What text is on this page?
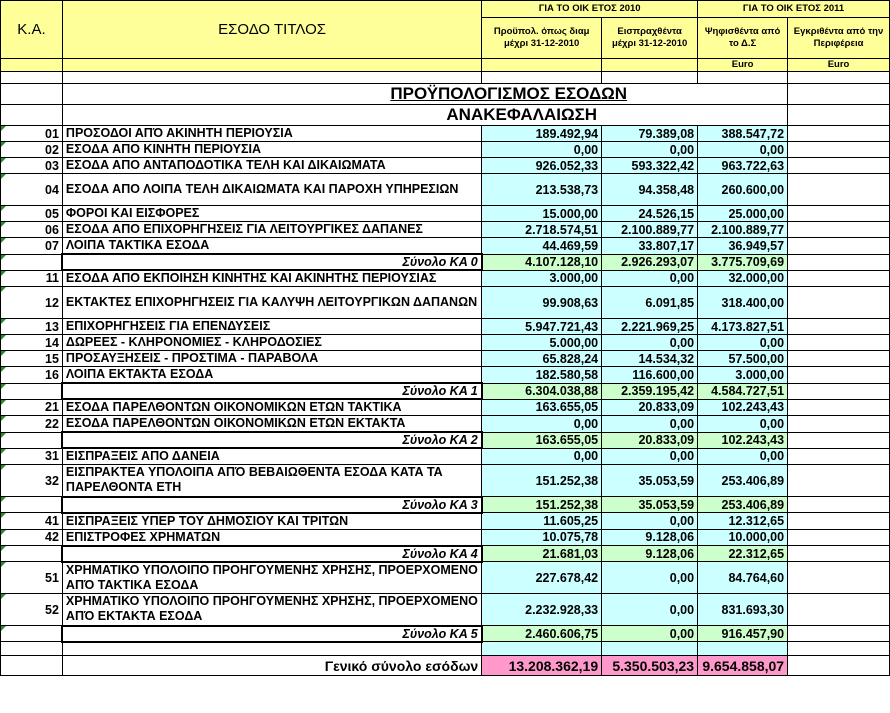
Κ.Α.	ΕΣΟΔΟ ΤΙΤΛΟΣ	ΓΙΑ ΤΟ ΟΙΚ ΕΤΟΣ 2010		ΓΙΑ ΤΟ ΟΙΚ ΕΤΟΣ 2011	
		Προϋπολ. όπως διαμ μέχρι 31-12-2010	Εισπραχθέντα μέχρι 31-12-2010	Ψηφισθέντα από το Δ.Σ	Εγκριθέντα από την Περιφέρεια
				Euro	Euro

	ΠΡΟΫΠΟΛΟΓΙΣΜΟΣ ΕΣΟΔΩΝ				
	ΑΝΑΚΕΦΑΛΑΙΩΣΗ				
01	ΠΡΟΣΟΔΟΙ ΑΠΌ ΑΚΙΝΗΤΗ ΠΕΡΙΟΥΣΙΑ	189.492,94	79.389,08	388.547,72	
02	ΕΣΟΔΑ ΑΠΟ ΚΙΝΗΤΗ ΠΕΡΙΟΥΣΙΑ	0,00	0,00	0,00	
03	ΕΣΟΔΑ ΑΠΟ ΑΝΤΑΠΟΔΟΤΙΚΑ ΤΕΛΗ ΚΑΙ ΔΙΚΑΙΩΜΑΤΑ	926.052,33	593.322,42	963.722,63	
04	ΕΣΟΔΑ ΑΠΟ ΛΟΙΠΑ ΤΕΛΗ ΔΙΚΑΙΩΜΑΤΑ ΚΑΙ ΠΑΡΟΧΗ ΥΠΗΡΕΣΙΩΝ	213.538,73	94.358,48	260.600,00	
05	ΦΟΡΟΙ ΚΑΙ ΕΙΣΦΟΡΕΣ	15.000,00	24.526,15	25.000,00	
06	ΕΣΟΔΑ ΑΠΟ ΕΠΙΧΟΡΗΓΗΣΕΙΣ ΓΙΑ ΛΕΙΤΟΥΡΓΙΚΕΣ ΔΑΠΑΝΕΣ	2.718.574,51	2.100.889,77	2.100.889,77	
07	ΛΟΙΠΑ ΤΑΚΤΙΚΑ ΕΣΟΔΑ	44.469,59	33.807,17	36.949,57	
	Σύνολο ΚΑ 0	4.107.128,10	2.926.293,07	3.775.709,69	
11	ΕΣΟΔΑ ΑΠΟ ΕΚΠΟΙΗΣΗ ΚΙΝΗΤΗΣ ΚΑΙ ΑΚΙΝΗΤΗΣ ΠΕΡΙΟΥΣΙΑΣ	3.000,00	0,00	32.000,00	
12	ΕΚΤΑΚΤΕΣ ΕΠΙΧΟΡΗΓΗΣΕΙΣ ΓΙΑ ΚΑΛΥΨΗ ΛΕΙΤΟΥΡΓΙΚΩΝ ΔΑΠΑΝΩΝ	99.908,63	6.091,85	318.400,00	
13	ΕΠΙΧΟΡΗΓΗΣΕΙΣ ΓΙΑ ΕΠΕΝΔΥΣΕΙΣ	5.947.721,43	2.221.969,25	4.173.827,51	
14	ΔΩΡΕΕΣ - ΚΛΗΡΟΝΟΜΙΕΣ - ΚΛΗΡΟΔΟΣΙΕΣ	5.000,00	0,00	0,00	
15	ΠΡΟΣΑΥΞΗΣΕΙΣ - ΠΡΟΣΤΙΜΑ - ΠΑΡΑΒΟΛΑ	65.828,24	14.534,32	57.500,00	
16	ΛΟΙΠΑ ΕΚΤΑΚΤΑ ΕΣΟΔΑ	182.580,58	116.600,00	3.000,00	
	Σύνολο ΚΑ 1	6.304.038,88	2.359.195,42	4.584.727,51	
21	ΕΣΟΔΑ ΠΑΡΕΛΘΟΝΤΩΝ ΟΙΚΟΝΟΜΙΚΩΝ ΕΤΩΝ ΤΑΚΤΙΚΑ	163.655,05	20.833,09	102.243,43	
22	ΕΣΟΔΑ ΠΑΡΕΛΘΟΝΤΩΝ ΟΙΚΟΝΟΜΙΚΩΝ ΕΤΩΝ ΕΚΤΑΚΤΑ	0,00	0,00	0,00	
	Σύνολο ΚΑ 2	163.655,05	20.833,09	102.243,43	
31	ΕΙΣΠΡΑΞΕΙΣ ΑΠΟ ΔΑΝΕΙΑ	0,00	0,00	0,00	
32	ΕΙΣΠΡΑΚΤΕΑ ΥΠΟΛΟΙΠΑ ΑΠΌ ΒΕΒΑΙΩΘΕΝΤΑ ΕΣΟΔΑ ΚΑΤΑ ΤΑ ΠΑΡΕΛΘΟΝΤΑ ΕΤΗ	151.252,38	35.053,59	253.406,89	
	Σύνολο ΚΑ 3	151.252,38	35.053,59	253.406,89	
41	ΕΙΣΠΡΑΞΕΙΣ ΥΠΕΡ ΤΟΥ ΔΗΜΟΣΙΟΥ ΚΑΙ ΤΡΙΤΩΝ	11.605,25	0,00	12.312,65	
42	ΕΠΙΣΤΡΟΦΕΣ ΧΡΗΜΑΤΩΝ	10.075,78	9.128,06	10.000,00	
	Σύνολο ΚΑ 4	21.681,03	9.128,06	22.312,65	
51	ΧΡΗΜΑΤΙΚΟ ΥΠΟΛΟΙΠΟ ΠΡΟΗΓΟΥΜΕΝΗΣ ΧΡΗΣΗΣ, ΠΡΟΕΡΧΟΜΕΝΟ ΑΠΌ ΤΑΚΤΙΚΑ ΕΣΟΔΑ	227.678,42	0,00	84.764,60	
52	ΧΡΗΜΑΤΙΚΟ ΥΠΟΛΟΙΠΟ ΠΡΟΗΓΟΥΜΕΝΗΣ ΧΡΗΣΗΣ, ΠΡΟΕΡΧΟΜΕΝΟ ΑΠΌ ΕΚΤΑΚΤΑ ΕΣΟΔΑ	2.232.928,33	0,00	831.693,30	
	Σύνολο ΚΑ 5	2.460.606,75	0,00	916.457,90	

	Γενικό σύνολο εσόδων	13.208.362,19	5.350.503,23	9.654.858,07	
